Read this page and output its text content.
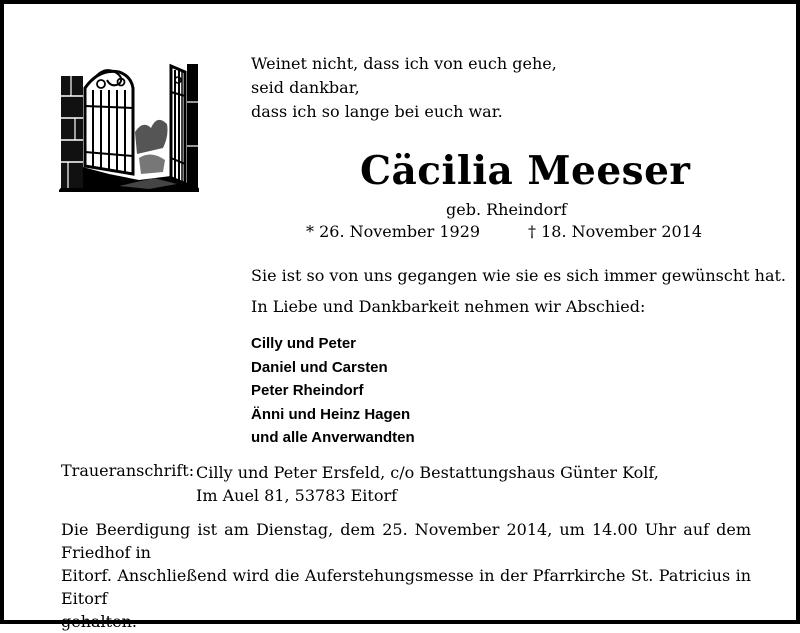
Weinet nicht, dass ich von euch gehe,
seid dankbar,
dass ich so lange bei euch war.
Cäcilia Meeser
geb. Rheindorf
* 26. November 1929	† 18. November 2014
Sie ist so von uns gegangen wie sie es sich immer gewünscht hat.
In Liebe und Dankbarkeit nehmen wir Abschied:
Cilly und Peter
Daniel und Carsten
Peter Rheindorf
Änni und Heinz Hagen
und alle Anverwandten
Traueranschrift: Cilly und Peter Ersfeld, c/o Bestattungshaus Günter Kolf,
Im Auel 81, 53783 Eitorf
Die Beerdigung ist am Dienstag, dem 25. November 2014, um 14.00 Uhr auf dem Friedhof in
Eitorf. Anschließend wird die Auferstehungsmesse in der Pfarrkirche St. Patricius in Eitorf
gehalten.
